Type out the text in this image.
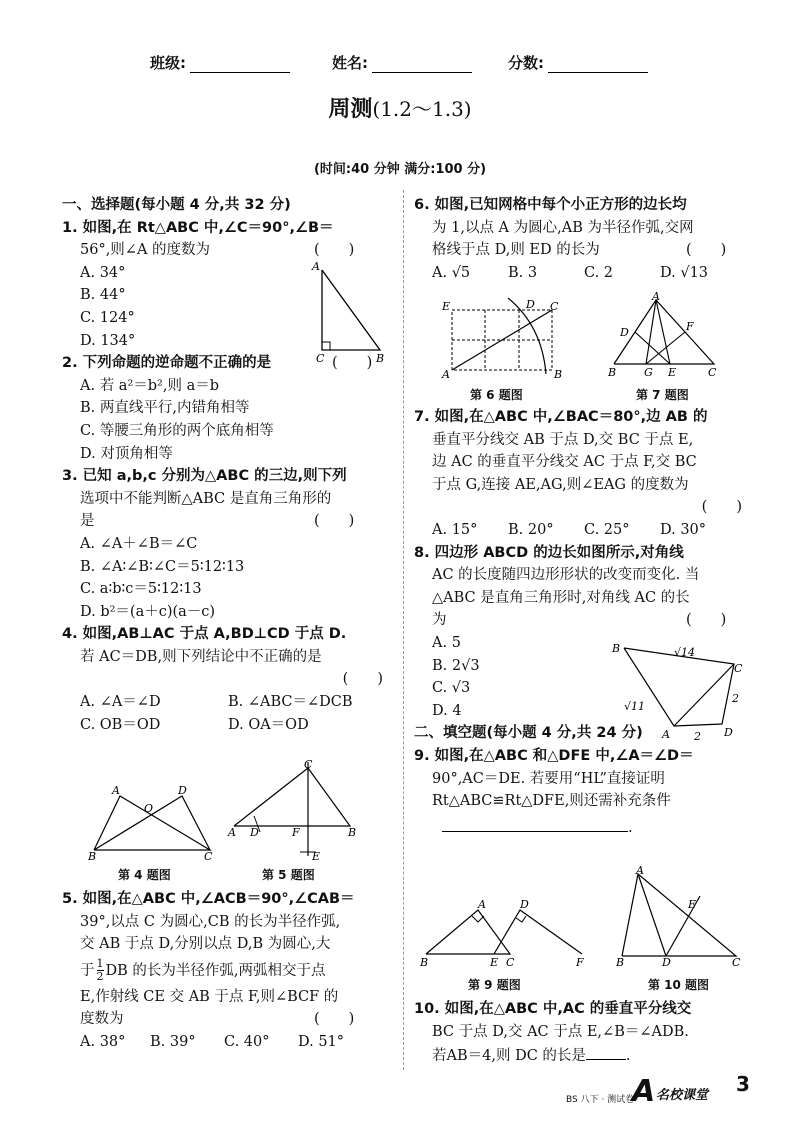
班级:	姓名:	分数:
周测(1.2～1.3)
(时间:40 分钟 满分:100 分)

一、选择题(每小题 4 分,共 32 分)

1. 如图,在 Rt△ABC 中,∠C＝90°,∠B＝

56°,则∠A 的度数为	(　　)

A. 34°

B. 44°

C. 124°

D. 134°

2. 下列命题的逆命题不正确的是	(　　)

A. 若 a²＝b²,则 a＝b

B. 两直线平行,内错角相等

C. 等腰三角形的两个底角相等

D. 对顶角相等

3. 已知 a,b,c 分别为△ABC 的三边,则下列

选项中不能判断△ABC 是直角三角形的

是	(　　)

A. ∠A＋∠B＝∠C

B. ∠A∶∠B∶∠C＝5∶12∶13

C. a∶b∶c＝5∶12∶13

D. b²＝(a＋c)(a－c)

4. 如图,AB⊥AC 于点 A,BD⊥CD 于点 D.

若 AC＝DB,则下列结论中不正确的是

(　　)

A. ∠A＝∠D	B. ∠ABC＝∠DCB

C. OB＝OD	D. OA＝OD

A
C	B
A	D
O
B	C
第 4 题图
C
A D	F	B
E
第 5 题图

5. 如图,在△ABC 中,∠ACB＝90°,∠CAB＝

39°,以点 C 为圆心,CB 的长为半径作弧,

交 AB 于点 D,分别以点 D,B 为圆心,大

于 $\frac{1}{2}$ DB 的长为半径作弧,两弧相交于点

E,作射线 CE 交 AB 于点 F,则∠BCF 的

度数为	(　　)

A. 38° B. 39° C. 40° D. 51°

6. 如图,已知网格中每个小正方形的边长均

为 1,以点 A 为圆心,AB 为半径作弧,交网

格线于点 D,则 ED 的长为	(　　)

A. √5	B. 3	C. 2	D. √13

E	D C
A	B
第 6 题图
A
D	F
B	G E	C
第 7 题图

7. 如图,在△ABC 中,∠BAC＝80°,边 AB 的

垂直平分线交 AB 于点 D,交 BC 于点 E,

边 AC 的垂直平分线交 AC 于点 F,交 BC

于点 G,连接 AE,AG,则∠EAG 的度数为

(　　)

A. 15° B. 20° C. 25° D. 30°

8. 四边形 ABCD 的边长如图所示,对角线

AC 的长度随四边形形状的改变而变化. 当

△ABC 是直角三角形时,对角线 AC 的长

为	(　　)

A. 5

B. 2√3

C. √3

D. 4

二、填空题(每小题 4 分,共 24 分)

9. 如图,在△ABC 和△DFE 中,∠A＝∠D＝

90°,AC＝DE. 若要用“HL”直接证明

Rt△ABC≌Rt△DFE,则还需补充条件

.

B
C
D
A
√14
√11
2
2
A	D
B	E C	F
第 9 题图
A
E
B	D	C
第 10 题图

10. 如图,在△ABC 中,AC 的垂直平分线交

BC 于点 D,交 AC 于点 E,∠B＝∠ADB.

若AB＝4,则 DC 的长是	.

BS 八下 · 测试卷
A 名校课堂 3
